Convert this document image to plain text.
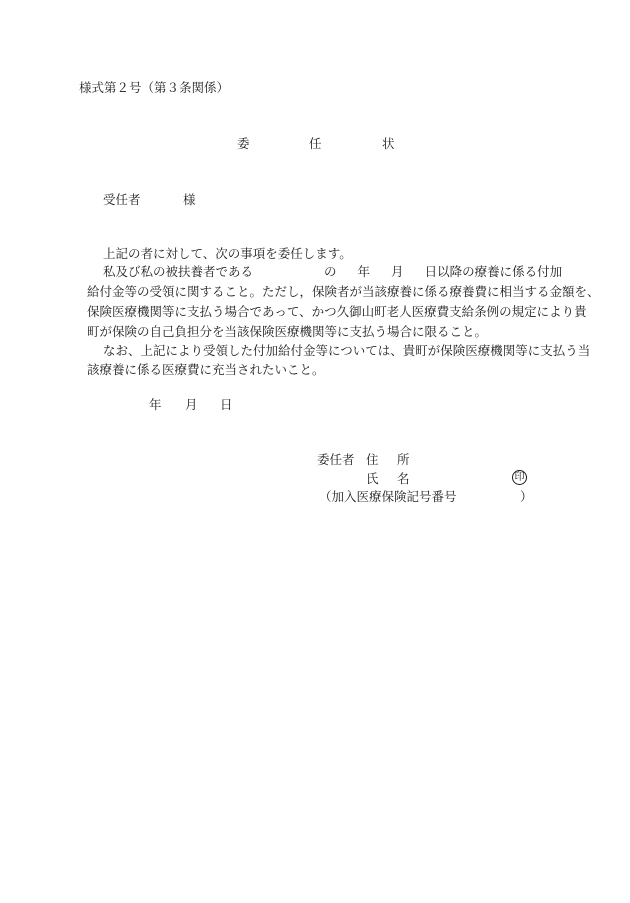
様式第２号（第３条関係）
委	任	状
受任者	様
上記の者に対して、次の事項を委任します。
私及び私の被扶養者である	の 年 月 日以降の療養に係る付加
給付金等の受領に関すること。ただし，保険者が当該療養に係る療養費に相当する金額を、
保険医療機関等に支払う場合であって、かつ久御山町老人医療費支給条例の規定により貴
町が保険の自己負担分を当該保険医療機関等に支払う場合に限ること。
なお、上記により受領した付加給付金等については、貴町が保険医療機関等に支払う当
該療養に係る医療費に充当されたいこと。
年 月 日
委任者 住 所
氏 名	印
（加入医療保険記号番号	）
